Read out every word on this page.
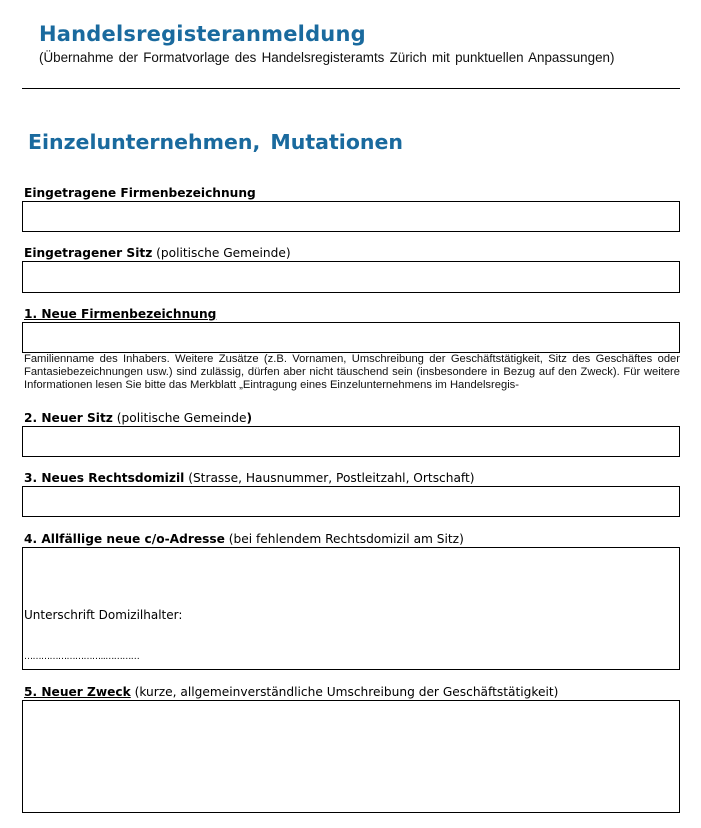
Handelsregisteranmeldung
(Übernahme der Formatvorlage des Handelsregisteramts Zürich mit punktuellen Anpassungen)
Einzelunternehmen, Mutationen
Eingetragene Firmenbezeichnung
Eingetragener Sitz (politische Gemeinde)
1. Neue Firmenbezeichnung
Familienname des Inhabers. Weitere Zusätze (z.B. Vornamen, Umschreibung der Geschäftstätigkeit, Sitz des Geschäftes oder Fantasiebezeichnungen usw.) sind zulässig, dürfen aber nicht täuschend sein (insbesondere in Bezug auf den Zweck). Für weitere Informationen lesen Sie bitte das Merkblatt „Eintragung eines Einzelunternehmens im Handelsregis-
2. Neuer Sitz (politische Gemeinde)
3. Neues Rechtsdomizil (Strasse, Hausnummer, Postleitzahl, Ortschaft)
4. Allfällige neue c/o-Adresse (bei fehlendem Rechtsdomizil am Sitz)
Unterschrift Domizilhalter:
………………………..…………
5. Neuer Zweck (kurze, allgemeinverständliche Umschreibung der Geschäftstätigkeit)
